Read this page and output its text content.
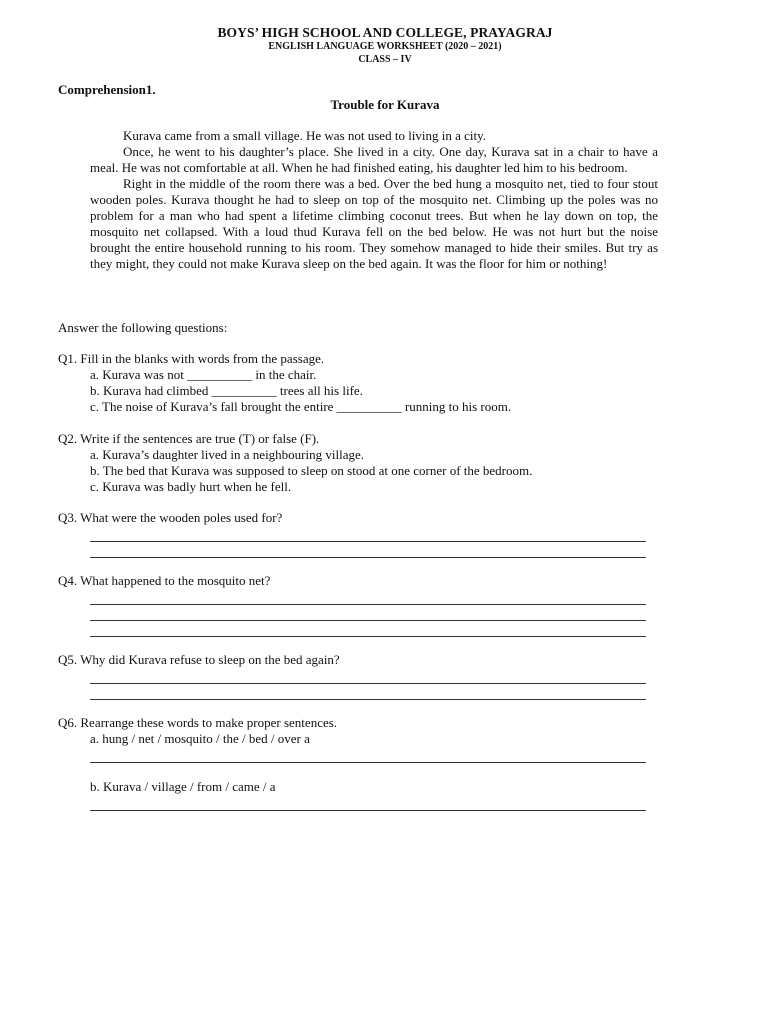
BOYS’ HIGH SCHOOL AND COLLEGE, PRAYAGRAJ
ENGLISH LANGUAGE WORKSHEET (2020 – 2021)
CLASS – IV
Comprehension1.
Trouble for Kurava

Kurava came from a small village. He was not used to living in a city.

Once, he went to his daughter’s place. She lived in a city. One day, Kurava sat in a chair to have a meal. He was not comfortable at all. When he had finished eating, his daughter led him to his bedroom.

Right in the middle of the room there was a bed. Over the bed hung a mosquito net, tied to four stout wooden poles. Kurava thought he had to sleep on top of the mosquito net. Climbing up the poles was no problem for a man who had spent a lifetime climbing coconut trees. But when he lay down on top, the mosquito net collapsed. With a loud thud Kurava fell on the bed below. He was not hurt but the noise brought the entire household running to his room. They somehow managed to hide their smiles. But try as they might, they could not make Kurava sleep on the bed again. It was the floor for him or nothing!

Answer the following questions:

Q1. Fill in the blanks with words from the passage.

a. Kurava was not __________ in the chair.

b. Kurava had climbed __________ trees all his life.

c. The noise of Kurava’s fall brought the entire __________ running to his room.

Q2. Write if the sentences are true (T) or false (F).

a. Kurava’s daughter lived in a neighbouring village.

b. The bed that Kurava was supposed to sleep on stood at one corner of the bedroom.

c. Kurava was badly hurt when he fell.

Q3. What were the wooden poles used for?

Q4. What happened to the mosquito net?

Q5. Why did Kurava refuse to sleep on the bed again?

Q6. Rearrange these words to make proper sentences.

a. hung / net / mosquito / the / bed / over a

b. Kurava / village / from / came / a
